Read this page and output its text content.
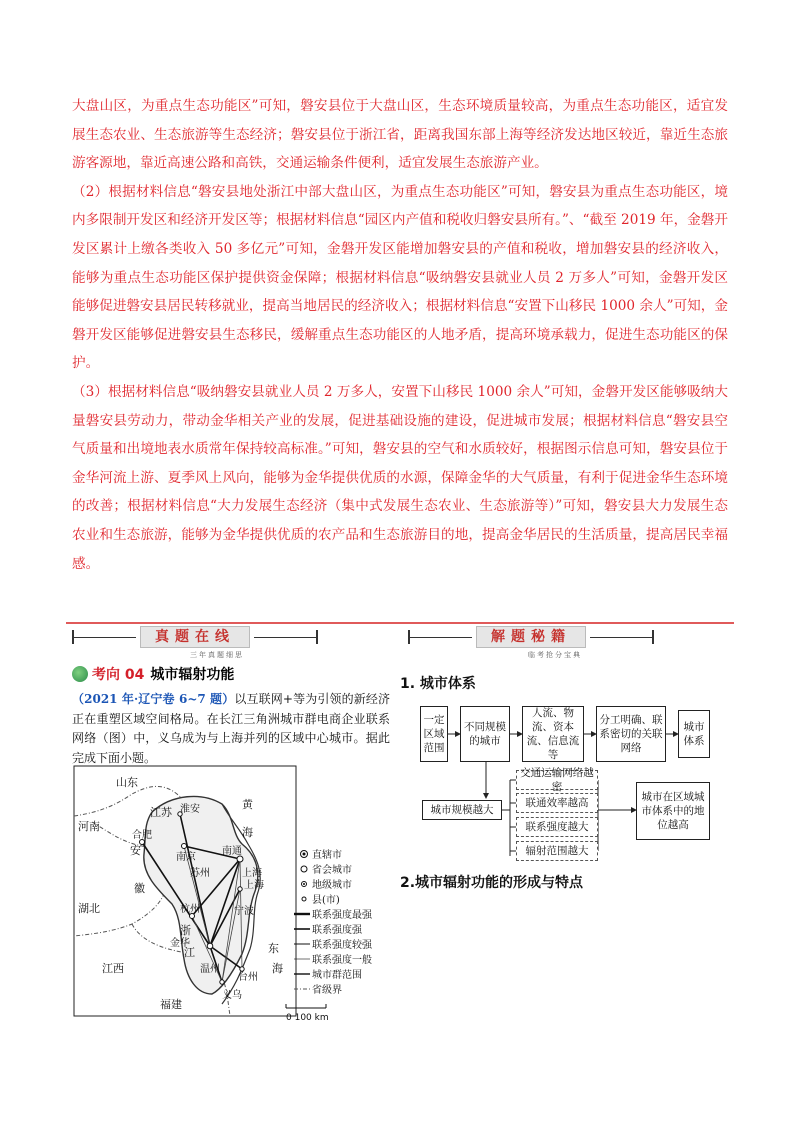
大盘山区，为重点生态功能区”可知，磐安县位于大盘山区，生态环境质量较高，为重点生态功能区，适宜发展生态农业、生态旅游等生态经济；磐安县位于浙江省，距离我国东部上海等经济发达地区较近，靠近生态旅游客源地，靠近高速公路和高铁，交通运输条件便利，适宜发展生态旅游产业。

（2）根据材料信息“磐安县地处浙江中部大盘山区，为重点生态功能区”可知，磐安县为重点生态功能区，境内多限制开发区和经济开发区等；根据材料信息“园区内产值和税收归磐安县所有。”、“截至 2019 年，金磐开发区累计上缴各类收入 50 多亿元”可知，金磐开发区能增加磐安县的产值和税收，增加磐安县的经济收入，能够为重点生态功能区保护提供资金保障；根据材料信息“吸纳磐安县就业人员 2 万多人”可知，金磐开发区能够促进磐安县居民转移就业，提高当地居民的经济收入；根据材料信息“安置下山移民 1000 余人”可知，金磐开发区能够促进磐安县生态移民，缓解重点生态功能区的人地矛盾，提高环境承载力，促进生态功能区的保护。

（3）根据材料信息“吸纳磐安县就业人员 2 万多人，安置下山移民 1000 余人”可知，金磐开发区能够吸纳大量磐安县劳动力，带动金华相关产业的发展，促进基础设施的建设，促进城市发展；根据材料信息“磐安县空气质量和出境地表水质常年保持较高标准。”可知，磐安县的空气和水质较好，根据图示信息可知，磐安县位于金华河流上游、夏季风上风向，能够为金华提供优质的水源，保障金华的大气质量，有利于促进金华生态环境的改善；根据材料信息“大力发展生态经济（集中式发展生态农业、生态旅游等）”可知，磐安县大力发展生态农业和生态旅游，能够为金华提供优质的农产品和生态旅游目的地，提高金华居民的生活质量，提高居民幸福感。

真题在线
三年真题细思
解题秘籍
临考抢分宝典
考向 04 城市辐射功能
（2021 年·辽宁卷 6~7 题）以互联网+等为引领的新经济正在重塑区域空间格局。在长江三角洲城市群电商企业联系网络（图）中，义乌成为与上海并列的区域中心城市。据此完成下面小题。
山东
河南
安
徽
湖北
江西
福建
江苏
浙
江
黄
海
东
海
淮安
南京
南通
上海
上海
合肥
苏州
杭州	宁波
金华
台州
温州
义乌
直辖市
省会城市
地级城市
县(市)
联系强度最强
联系强度强
联系强度较强
联系强度一般
城市群范围
省级界
0 100 km
1. 城市体系
一定区域范围
不同规模的城市
人流、物流、资本流、信息流等
分工明确、联系密切的关联网络
城市体系
城市规模越大
交通运输网络越密
联通效率越高
联系强度越大
辐射范围越大
城市在区域城市体系中的地位越高
2.城市辐射功能的形成与特点
